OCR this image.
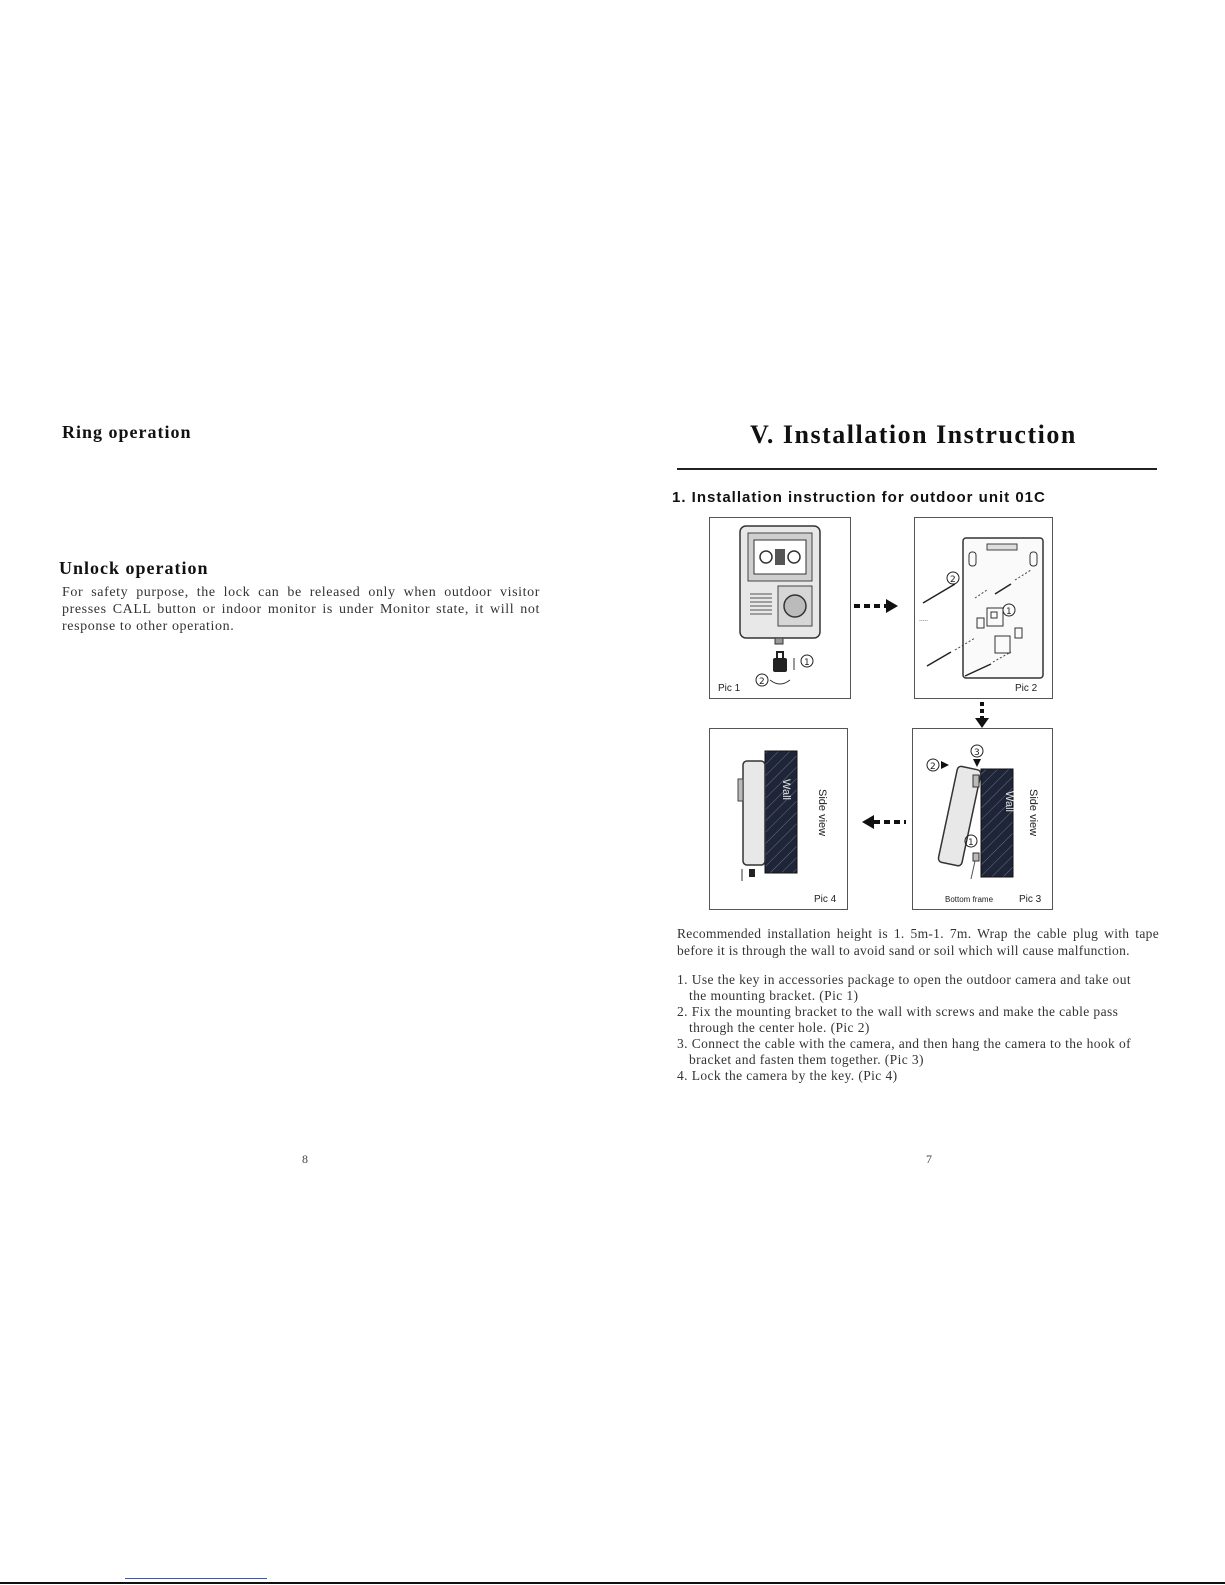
Ring operation
Unlock operation
For safety purpose, the lock can be released only when outdoor visitor presses CALL button or indoor monitor is under Monitor state, it will not response to other operation.
8
V. Installation Instruction
1. Installation instruction for outdoor unit 01C
1
2
Pic 1
2
1
-----
Pic 2
Wall	Side view
Pic 4
3
2
1
Wall	Side view
Bottom frame	Pic 3
Recommended installation height is 1. 5m-1. 7m. Wrap the cable plug with tape before it is through the wall to avoid sand or soil which will cause malfunction.
1. Use the key in accessories package to open the outdoor camera and take out
the mounting bracket. (Pic 1)
2. Fix the mounting bracket to the wall with screws and make the cable pass
through the center hole. (Pic 2)
3. Connect the cable with the camera, and then hang the camera to the hook of
bracket and fasten them together. (Pic 3)
4. Lock the camera by the key. (Pic 4)
7
